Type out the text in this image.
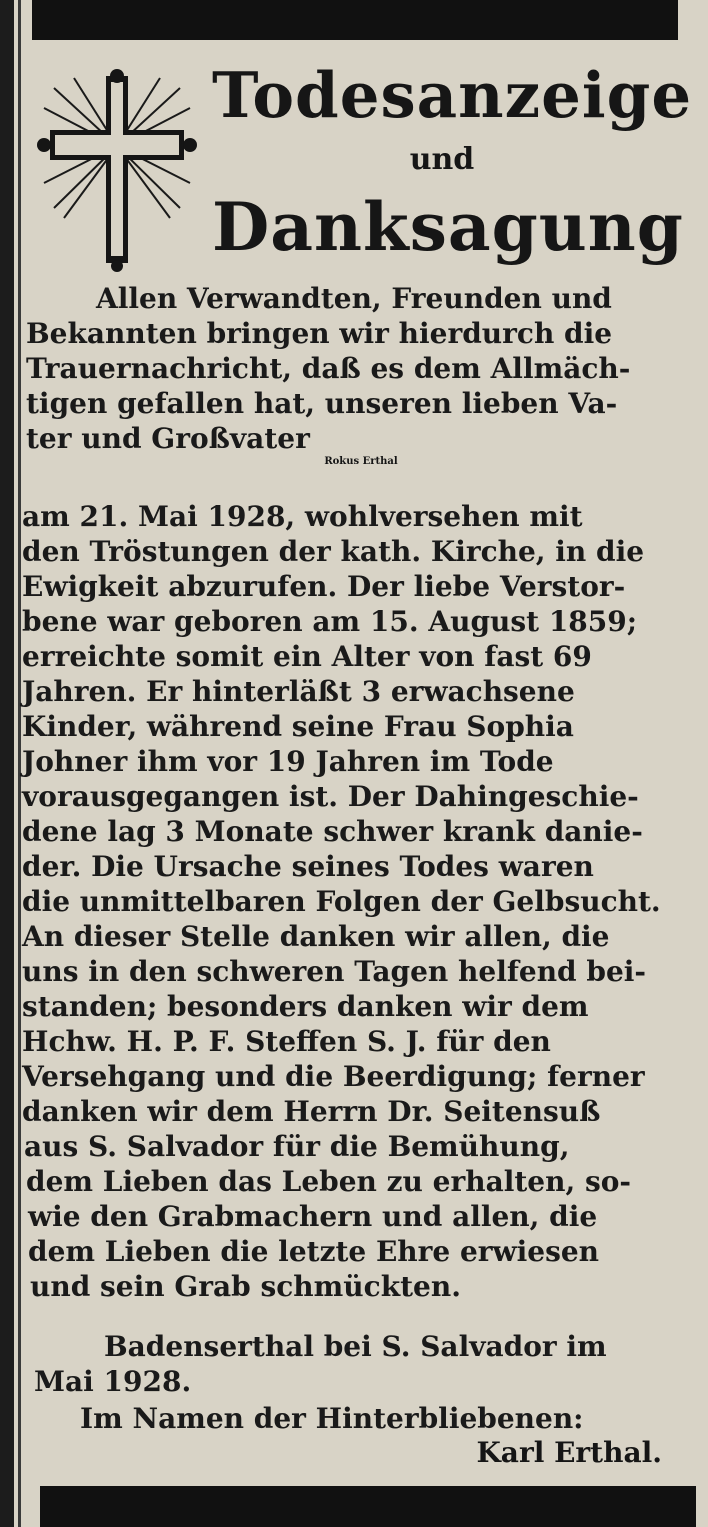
Todesanzeige
und
Danksagung
Allen Verwandten, Freunden und
Bekannten bringen wir hierdurch die
Trauernachricht, daß es dem Allmäch-
tigen gefallen hat, unseren lieben Va-
ter und Großvater
Rokus Erthal
am 21. Mai 1928, wohlversehen mit
den Tröstungen der kath. Kirche, in die
Ewigkeit abzurufen. Der liebe Verstor-
bene war geboren am 15. August 1859;
erreichte somit ein Alter von fast 69
Jahren. Er hinterläßt 3 erwachsene
Kinder, während seine Frau Sophia
Johner ihm vor 19 Jahren im Tode
vorausgegangen ist. Der Dahingeschie-
dene lag 3 Monate schwer krank danie-
der. Die Ursache seines Todes waren
die unmittelbaren Folgen der Gelbsucht.
An dieser Stelle danken wir allen, die
uns in den schweren Tagen helfend bei-
standen; besonders danken wir dem
Hchw. H. P. F. Steffen S. J. für den
Versehgang und die Beerdigung; ferner
danken wir dem Herrn Dr. Seitensuß
aus S. Salvador für die Bemühung,
dem Lieben das Leben zu erhalten, so-
wie den Grabmachern und allen, die
dem Lieben die letzte Ehre erwiesen
und sein Grab schmückten.
Badenserthal bei S. Salvador im
Mai 1928.
Im Namen der Hinterbliebenen:
Karl Erthal.
